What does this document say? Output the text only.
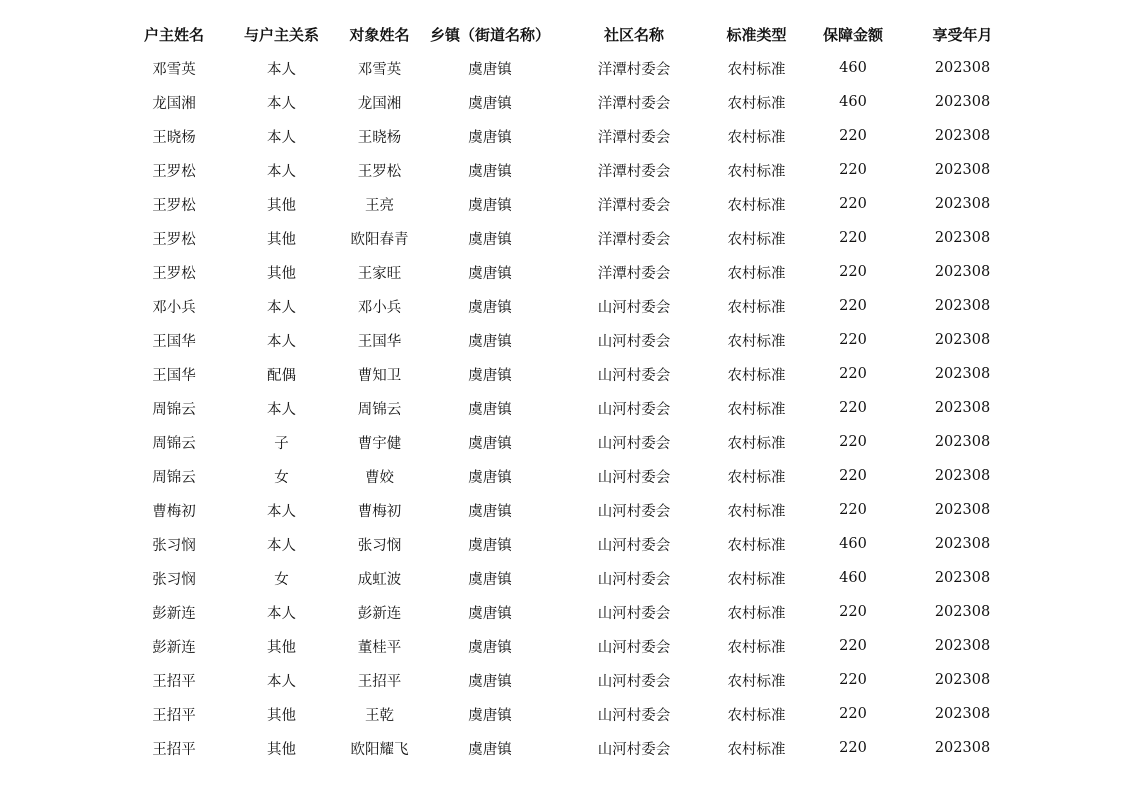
户主姓名	与户主关系	对象姓名	乡镇（街道名称）	社区名称	标准类型	保障金额	享受年月
邓雪英	本人	邓雪英	虞唐镇	洋潭村委会	农村标准	460	202308
龙国湘	本人	龙国湘	虞唐镇	洋潭村委会	农村标准	460	202308
王晓杨	本人	王晓杨	虞唐镇	洋潭村委会	农村标准	220	202308
王罗松	本人	王罗松	虞唐镇	洋潭村委会	农村标准	220	202308
王罗松	其他	王亮	虞唐镇	洋潭村委会	农村标准	220	202308
王罗松	其他	欧阳春青	虞唐镇	洋潭村委会	农村标准	220	202308
王罗松	其他	王家旺	虞唐镇	洋潭村委会	农村标准	220	202308
邓小兵	本人	邓小兵	虞唐镇	山河村委会	农村标准	220	202308
王国华	本人	王国华	虞唐镇	山河村委会	农村标准	220	202308
王国华	配偶	曹知卫	虞唐镇	山河村委会	农村标准	220	202308
周锦云	本人	周锦云	虞唐镇	山河村委会	农村标准	220	202308
周锦云	子	曹宇健	虞唐镇	山河村委会	农村标准	220	202308
周锦云	女	曹姣	虞唐镇	山河村委会	农村标准	220	202308
曹梅初	本人	曹梅初	虞唐镇	山河村委会	农村标准	220	202308
张习悯	本人	张习悯	虞唐镇	山河村委会	农村标准	460	202308
张习悯	女	成虹波	虞唐镇	山河村委会	农村标准	460	202308
彭新连	本人	彭新连	虞唐镇	山河村委会	农村标准	220	202308
彭新连	其他	董桂平	虞唐镇	山河村委会	农村标准	220	202308
王招平	本人	王招平	虞唐镇	山河村委会	农村标准	220	202308
王招平	其他	王乾	虞唐镇	山河村委会	农村标准	220	202308
王招平	其他	欧阳耀飞	虞唐镇	山河村委会	农村标准	220	202308
